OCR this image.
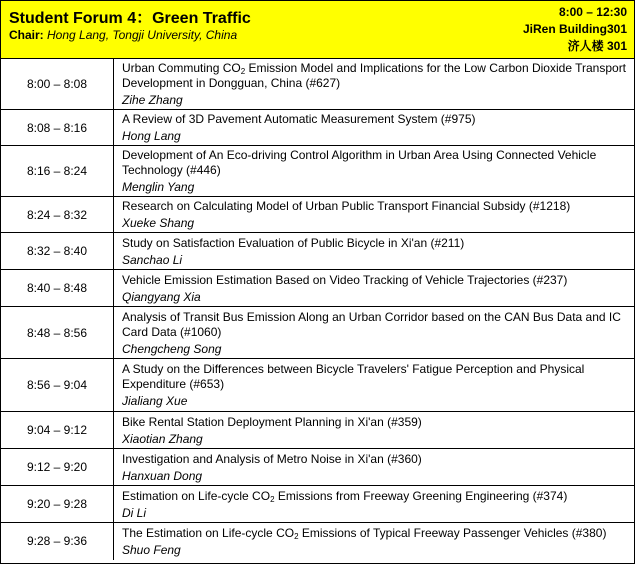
Student Forum 4：Green Traffic
Chair: Hong Lang, Tongji University, China
8:00 – 12:30
JiRen Building301
济人楼 301
8:00 – 8:08	Urban Commuting $CO_2$ Emission Model and Implications for the Low Carbon Dioxide Transport Development in Dongguan, China (#627)
Zihe Zhang

8:08 – 8:16	A Review of 3D Pavement Automatic Measurement System (#975)
Hong Lang

8:16 – 8:24	Development of An Eco-driving Control Algorithm in Urban Area Using Connected Vehicle Technology (#446)
Menglin Yang

8:24 – 8:32	Research on Calculating Model of Urban Public Transport Financial Subsidy (#1218)
Xueke Shang

8:32 – 8:40	Study on Satisfaction Evaluation of Public Bicycle in Xi'an (#211)
Sanchao Li

8:40 – 8:48	Vehicle Emission Estimation Based on Video Tracking of Vehicle Trajectories (#237)
Qiangyang Xia

8:48 – 8:56	Analysis of Transit Bus Emission Along an Urban Corridor based on the CAN Bus Data and IC Card Data (#1060)
Chengcheng Song

8:56 – 9:04	A Study on the Differences between Bicycle Travelers' Fatigue Perception and Physical Expenditure (#653)
Jialiang Xue

9:04 – 9:12	Bike Rental Station Deployment Planning in Xi'an (#359)
Xiaotian Zhang

9:12 – 9:20	Investigation and Analysis of Metro Noise in Xi'an (#360)
Hanxuan Dong

9:20 – 9:28	Estimation on Life-cycle $CO_2$ Emissions from Freeway Greening Engineering (#374)
Di Li

9:28 – 9:36	The Estimation on Life-cycle $CO_2$ Emissions of Typical Freeway Passenger Vehicles (#380)
Shuo Feng
